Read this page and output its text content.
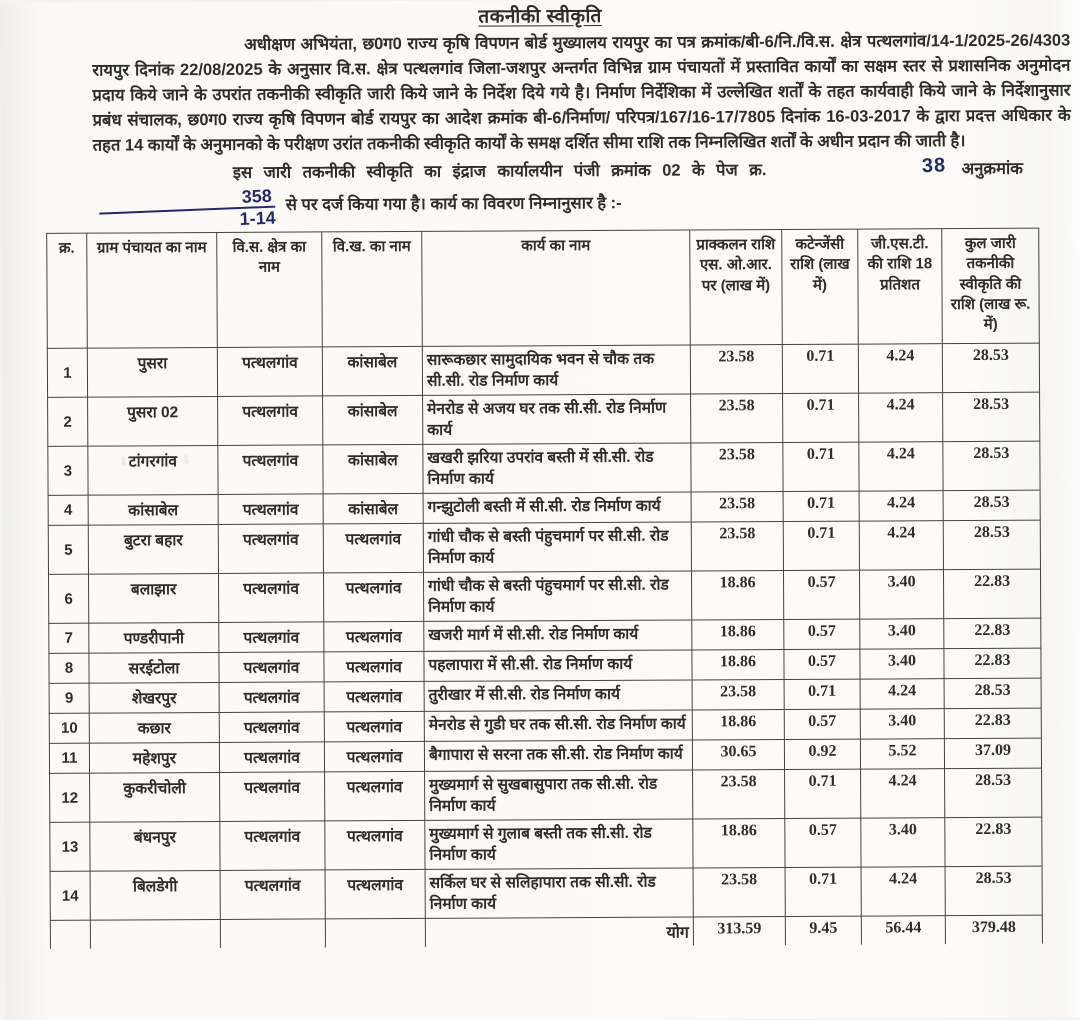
तकनीकी स्वीकृति

अधीक्षण अभियंता, छ0ग0 राज्य कृषि विपणन बोर्ड मुख्यालय रायपुर का पत्र क्रमांक/बी-6/नि./वि.स. क्षेत्र पत्थलगांव/14-1/2025-26/4303 रायपुर दिनांक 22/08/2025 के अनुसार वि.स. क्षेत्र पत्थलगांव जिला-जशपुर अन्तर्गत विभिन्न ग्राम पंचायतों में प्रस्तावित कार्यों का सक्षम स्तर से प्रशासनिक अनुमोदन प्रदाय किये जाने के उपरांत तकनीकी स्वीकृति जारी किये जाने के निर्देश दिये गये है। निर्माण निर्देशिका में उल्लेखित शर्तों के तहत कार्यवाही किये जाने के निर्देशानुसार प्रबंध संचालक, छ0ग0 राज्य कृषि विपणन बोर्ड रायपुर का आदेश क्रमांक बी-6/निर्माण/ परिपत्र/167/16-17/7805 दिनांक 16-03-2017 के द्वारा प्रदत्त अधिकार के तहत 14 कार्यों के अनुमानको के परीक्षण उरांत तकनीकी स्वीकृति कार्यों के समक्ष दर्शित सीमा राशि तक निम्नलिखित शर्तों के अधीन प्रदान की जाती है।

इस जारी तकनीकी स्वीकृति का इंद्राज कार्यालयीन पंजी क्रमांक 02 के पेज क्र.	38 अनुक्रमांक
358
1-14
से पर दर्ज किया गया है। कार्य का विवरण निम्नानुसार है :-

क्र.	ग्राम पंचायत का नाम	वि.स. क्षेत्र का नाम	वि.ख. का नाम	कार्य का नाम	प्राक्कलन राशि एस. ओ.आर. पर (लाख में)	कटेन्जेंसी राशि (लाख में)	जी.एस.टी. की राशि 18 प्रतिशत	कुल जारी तकनीकी स्वीकृति की राशि (लाख रू. में)
1	पुसरा	पत्थलगांव	कांसाबेल	सारूकछार सामुदायिक भवन से चौक तक सी.सी. रोड निर्माण कार्य	23.58	0.71	4.24	28.53
2	पुसरा 02	पत्थलगांव	कांसाबेल	मेनरोड से अजय घर तक सी.सी. रोड निर्माण कार्य	23.58	0.71	4.24	28.53
3	टांगरगांव	पत्थलगांव	कांसाबेल	खखरी झरिया उपरांव बस्ती में सी.सी. रोड निर्माण कार्य	23.58	0.71	4.24	28.53
4	कांसाबेल	पत्थलगांव	कांसाबेल	गन्झुटोली बस्ती में सी.सी. रोड निर्माण कार्य	23.58	0.71	4.24	28.53
5	बुटरा बहार	पत्थलगांव	पत्थलगांव	गांधी चौक से बस्ती पंहुचमार्ग पर सी.सी. रोड निर्माण कार्य	23.58	0.71	4.24	28.53
6	बलाझार	पत्थलगांव	पत्थलगांव	गांधी चौक से बस्ती पंहुचमार्ग पर सी.सी. रोड निर्माण कार्य	18.86	0.57	3.40	22.83
7	पण्डरीपानी	पत्थलगांव	पत्थलगांव	खजरी मार्ग में सी.सी. रोड निर्माण कार्य	18.86	0.57	3.40	22.83
8	सरईटोला	पत्थलगांव	पत्थलगांव	पहलापारा में सी.सी. रोड निर्माण कार्य	18.86	0.57	3.40	22.83
9	शेखरपुर	पत्थलगांव	पत्थलगांव	तुरीखार में सी.सी. रोड निर्माण कार्य	23.58	0.71	4.24	28.53
10	कछार	पत्थलगांव	पत्थलगांव	मेनरोड से गुडी घर तक सी.सी. रोड निर्माण कार्य	18.86	0.57	3.40	22.83
11	महेशपुर	पत्थलगांव	पत्थलगांव	बैगापारा से सरना तक सी.सी. रोड निर्माण कार्य	30.65	0.92	5.52	37.09
12	कुकरीचोली	पत्थलगांव	पत्थलगांव	मुख्यमार्ग से सुखबासुपारा तक सी.सी. रोड निर्माण कार्य	23.58	0.71	4.24	28.53
13	बंधनपुर	पत्थलगांव	पत्थलगांव	मुख्यमार्ग से गुलाब बस्ती तक सी.सी. रोड निर्माण कार्य	18.86	0.57	3.40	22.83
14	बिलडेगी	पत्थलगांव	पत्थलगांव	सर्किल घर से सलिहापारा तक सी.सी. रोड निर्माण कार्य	23.58	0.71	4.24	28.53
				योग	313.59	9.45	56.44	379.48
1 : 2 : 1
